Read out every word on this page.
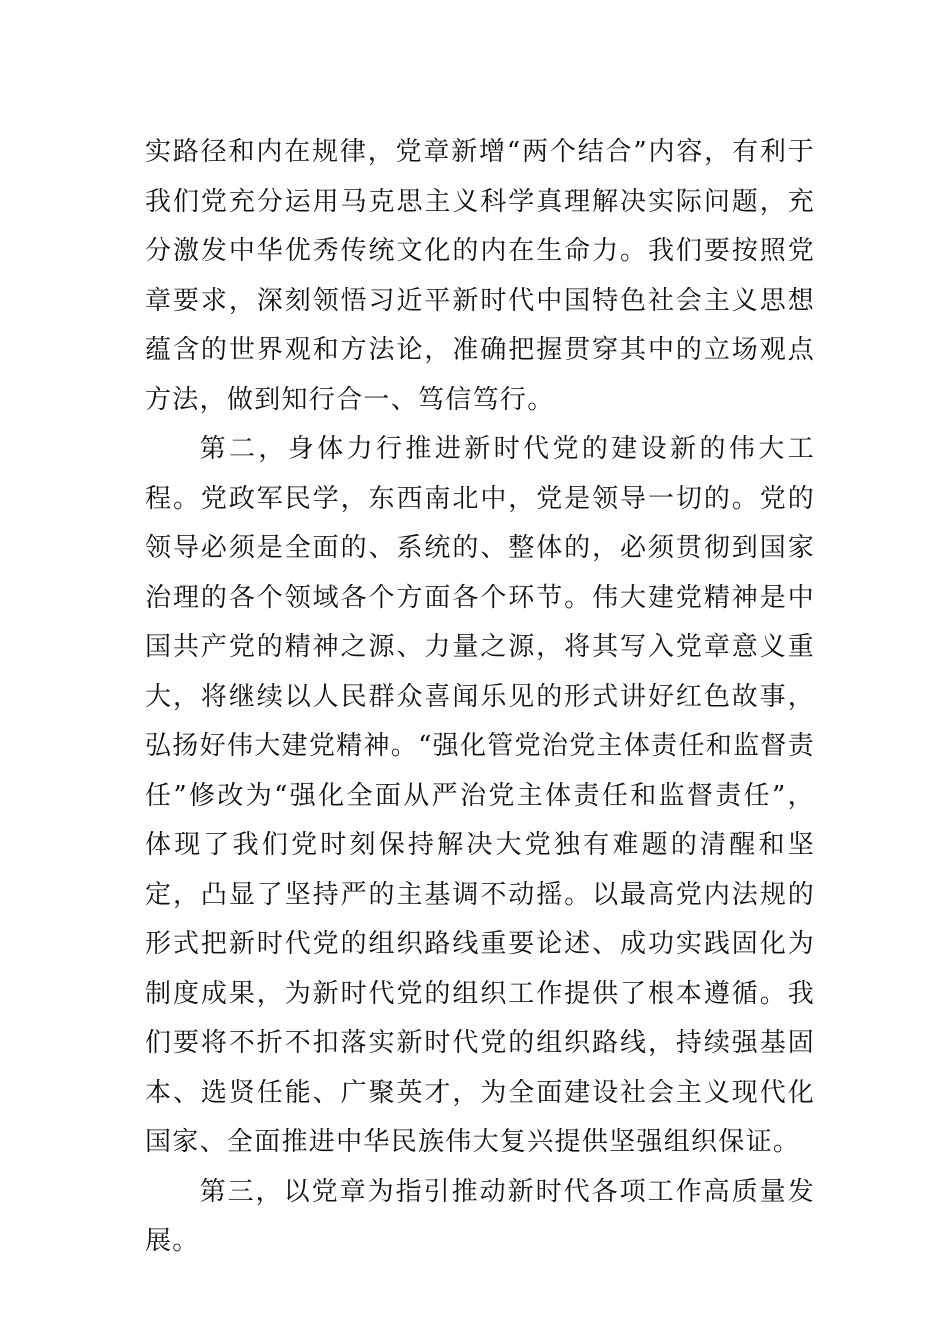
实路径和内在规律，党章新增“两个结合”内容，有利于我们党充分运用马克思主义科学真理解决实际问题，充分激发中华优秀传统文化的内在生命力。我们要按照党章要求，深刻领悟习近平新时代中国特色社会主义思想蕴含的世界观和方法论，准确把握贯穿其中的立场观点方法，做到知行合一、笃信笃行。

第二，身体力行推进新时代党的建设新的伟大工程。党政军民学，东西南北中，党是领导一切的。党的领导必须是全面的、系统的、整体的，必须贯彻到国家治理的各个领域各个方面各个环节。伟大建党精神是中国共产党的精神之源、力量之源，将其写入党章意义重大，将继续以人民群众喜闻乐见的形式讲好红色故事，弘扬好伟大建党精神。“强化管党治党主体责任和监督责任”修改为“强化全面从严治党主体责任和监督责任”，体现了我们党时刻保持解决大党独有难题的清醒和坚定，凸显了坚持严的主基调不动摇。以最高党内法规的形式把新时代党的组织路线重要论述、成功实践固化为制度成果，为新时代党的组织工作提供了根本遵循。我们要将不折不扣落实新时代党的组织路线，持续强基固本、选贤任能、广聚英才，为全面建设社会主义现代化国家、全面推进中华民族伟大复兴提供坚强组织保证。

第三，以党章为指引推动新时代各项工作高质量发展。
